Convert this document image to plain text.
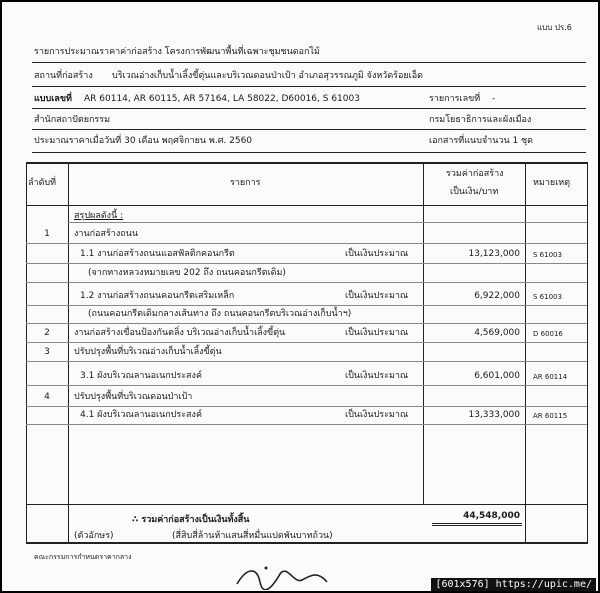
แบบ ปร.6
รายการประมาณราคาค่าก่อสร้าง โครงการพัฒนาพื้นที่เฉพาะชุมชนดอกไม้
สถานที่ก่อสร้าง บริเวณอ่างเก็บน้ำเลิ้งขี้ตุ่นและบริเวณดอนป่าเป้า อำเภอสุวรรณภูมิ จังหวัดร้อยเอ็ด
แบบเลขที่ AR 60114, AR 60115, AR 57164, LA 58022, D60016, S 61003	รายการเลขที่ -
สำนักสถาปัตยกรรม	กรมโยธาธิการและผังเมือง
ประมาณราคาเมื่อวันที่ 30 เดือน พฤศจิกายน พ.ศ. 2560	เอกสารที่แนบจำนวน 1 ชุด
ลำดับที่	รายการ
รวมค่าก่อสร้าง
เป็นเงิน/บาท
หมายเหตุ
สรุปผลดังนี้ :
1	งานก่อสร้างถนน
1.1 งานก่อสร้างถนนแอสฟัลติกคอนกรีต	เป็นเงินประมาณ	13,123,000 S 61003
(จากทางหลวงหมายเลข 202 ถึง ถนนคอนกรีตเดิม)
1.2 งานก่อสร้างถนนคอนกรีตเสริมเหล็ก	เป็นเงินประมาณ	6,922,000 S 61003
(ถนนคอนกรีตเดิมกลางเส้นทาง ถึง ถนนคอนกรีตบริเวณอ่างเก็บน้ำฯ)
2	งานก่อสร้างเขื่อนป้องกันตลิ่ง บริเวณอ่างเก็บน้ำเลิ้งขี้ตุ่น	เป็นเงินประมาณ	4,569,000 D 60016
3	ปรับปรุงพื้นที่บริเวณอ่างเก็บน้ำเลิ้งขี้ตุ่น
3.1 ผังบริเวณลานอเนกประสงค์	เป็นเงินประมาณ	6,601,000 AR 60114
4	ปรับปรุงพื้นที่บริเวณดอนป่าเป้า
4.1 ผังบริเวณลานอเนกประสงค์	เป็นเงินประมาณ	13,333,000 AR 60115
∴ รวมค่าก่อสร้างเป็นเงินทั้งสิ้น	44,548,000
(ตัวอักษร)	(สี่สิบสี่ล้านห้าแสนสี่หมื่นแปดพันบาทถ้วน)
คณะกรรมการกำหนดราคากลาง
[601x576] https://upic.me/
